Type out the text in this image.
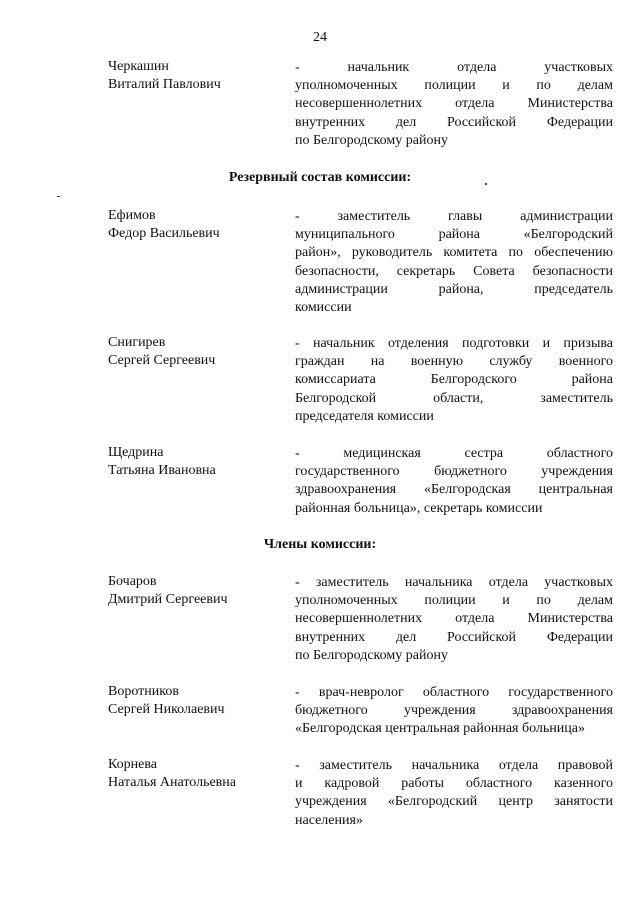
24
Черкашин
Виталий Павлович
- начальник отдела участковых
уполномоченных полиции и по делам
несовершеннолетних отдела Министерства
внутренних дел Российской Федерации
по Белгородскому району
Резервный состав комиссии:
Ефимов
Федор Васильевич
- заместитель главы администрации
муниципального района «Белгородский
район», руководитель комитета по обеспечению
безопасности, секретарь Совета безопасности
администрации района, председатель
комиссии
Снигирев
Сергей Сергеевич
- начальник отделения подготовки и призыва
граждан на военную службу военного
комиссариата Белгородского района
Белгородской области, заместитель
председателя комиссии
Щедрина
Татьяна Ивановна
- медицинская сестра областного
государственного бюджетного учреждения
здравоохранения «Белгородская центральная
районная больница», секретарь комиссии
Члены комиссии:
Бочаров
Дмитрий Сергеевич
- заместитель начальника отдела участковых
уполномоченных полиции и по делам
несовершеннолетних отдела Министерства
внутренних дел Российской Федерации
по Белгородскому району
Воротников
Сергей Николаевич
- врач-невролог областного государственного
бюджетного учреждения здравоохранения
«Белгородская центральная районная больница»
Корнева
Наталья Анатольевна
- заместитель начальника отдела правовой
и кадровой работы областного казенного
учреждения «Белгородский центр занятости
населения»
